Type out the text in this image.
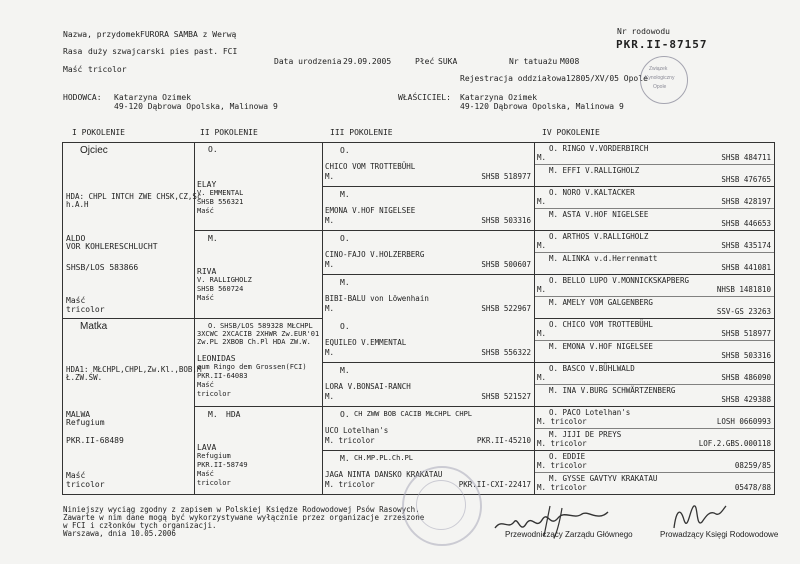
Nazwa, przydomek FURORA SAMBA z Werwą
Rasa duży szwajcarski pies past. FCI
Maść tricolor
Data urodzenia 29.09.2005	Płeć SUKA	Nr tatuażu M008
Nr rodowodu
PKR.II-87157
Rejestracja oddziałowa 12805/XV/05 Opole
Związek
Kynologiczny
Opole
HODOWCA: Katarzyna Ozimek
49-120 Dąbrowa Opolska, Malinowa 9
WŁAŚCICIEL: Katarzyna Ozimek
49-120 Dąbrowa Opolska, Malinowa 9
I POKOLENIE	II POKOLENIE	III POKOLENIE	IV POKOLENIE
Ojciec
HDA: CHPL INTCH ZWE CHSK,CZ,Sc
h.A.H
ALDO
VOR KOHLERESCHLUCHT
SHSB/LOS 583866
Maść
tricolor
Matka
HDA1: MŁCHPL,CHPL,Zw.Kl.,BOB,M
Ł.ZW.ŚW.
MALWA
Refugium
PKR.II-68489
Maść
tricolor
O.
ELAY
V. EMMENTAL
SHSB 556321
Maść
M.
RIVA
V. RALLIGHOLZ
SHSB 560724
Maść
O. SHSB/LOS 589328 MŁCHPL
3XCWC 2XCACIB 2XHWR Zw.EUR'01
Zw.PL 2XBOB Ch.Pl HDA ZW.W.
LEONIDAS
zum Ringo dem Grossen(FCI)
PKR.II-64083
Maść
tricolor
M. HDA
LAVA
Refugium
PKR.II-58749
Maść
tricolor
O.
CHICO VOM TROTTEBÜHL
M.	SHSB 518977
M.
EMONA V.HOF NIGELSEE
M.	SHSB 503316
O.
CINO-FAJO V.HOLZERBERG
M.	SHSB 500607
M.
BIBI-BALU von Löwenhain
M.	SHSB 522967
O.
EQUILEO V.EMMENTAL
M.	SHSB 556322
M.
LORA V.BONSAI-RANCH
M.	SHSB 521527
O. CH ZWW BOB CACIB MŁCHPL CHPL
UCO Lotelhan's
M. tricolor	PKR.II-45210
M. CH.MP.PL.Ch.PL
JAGA NINTA DANSKO KRAKATAU
M. tricolor	PKR.II-CXI-22417
O. RINGO V.VORDERBIRCH
M.	SHSB 484711
M. EFFI V.RALLIGHOLZ
SHSB 476765
O. NORO V.KALTACKER
M.	SHSB 428197
M. ASTA V.HOF NIGELSEE
SHSB 446653
O. ARTHOS V.RALLIGHOLZ
M.	SHSB 435174
M. ALINKA v.d.Herrenmatt
SHSB 441081
O. BELLO LUPO V.MONNICKSKAPBERG
M.	NHSB 1481810
M. AMELY VOM GALGENBERG
SSV-GS 23263
O. CHICO VOM TROTTEBÜHL
M.	SHSB 518977
M. EMONA V.HOF NIGELSEE
SHSB 503316
O. BASCO V.BÜHLWALD
M.	SHSB 486090
M. INA V.BURG SCHWÄRTZENBERG
SHSB 429388
O. PACO Lotelhan's
M. tricolor	LOSH 0660993
M. JIJI DE PREYS
M. tricolor	LOF.2.GBS.000118
O. EDDIE
M. tricolor	08259/85
M. GYSSE GAVTYV KRAKATAU
M. tricolor	05478/88
Niniejszy wyciąg zgodny z zapisem w Polskiej Księdze Rodowodowej Psów Rasowych.
Zawarte w nim dane mogą być wykorzystywane wyłącznie przez organizacje zrzeszone
w FCI i członków tych organizacji.
Warszawa, dnia 10.05.2006	Przewodniczący Zarządu Głównego	Prowadzący Księgi Rodowodowe
